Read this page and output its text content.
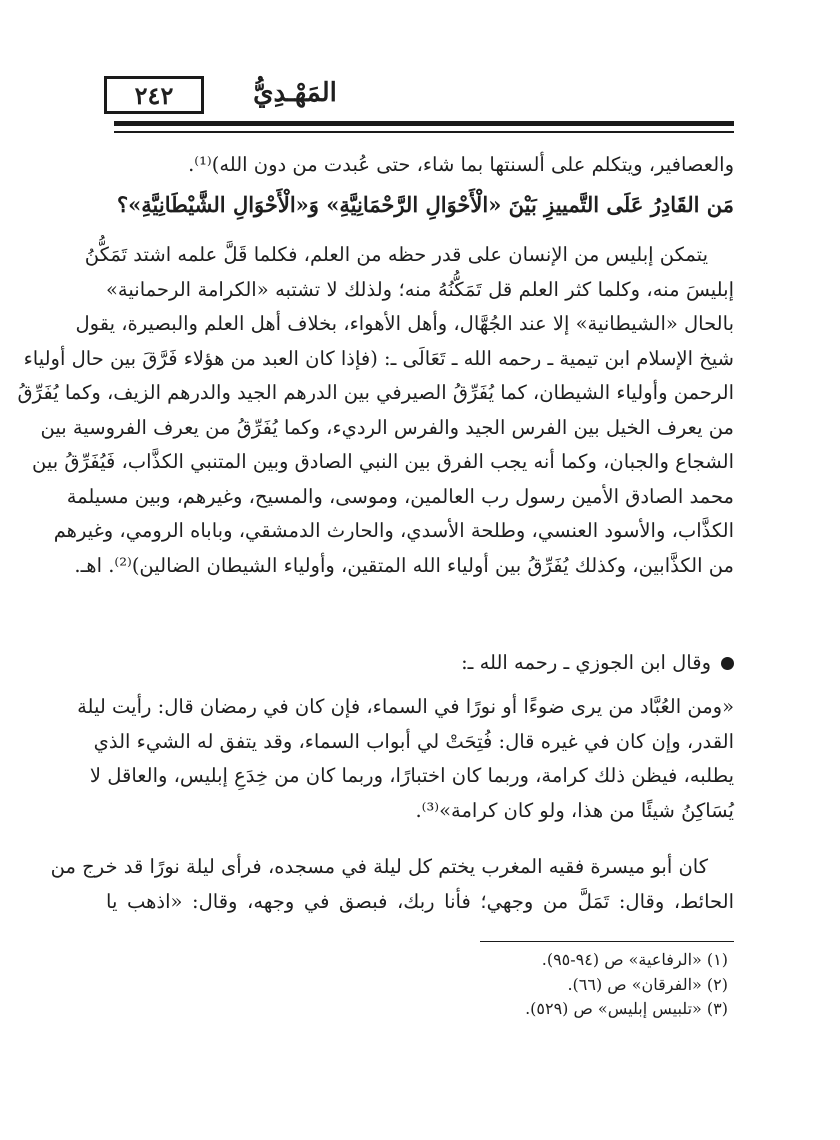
٢٤٢	المَهْـدِيُّ
والعصافير، ويتكلم على ألسنتها بما شاء، حتى عُبدت من دون الله)⁽¹⁾.
مَن القَادِرُ عَلَى التَّمييزِ بَيْنَ «الْأَحْوَالِ الرَّحْمَانِيَّةِ» وَ«الْأَحْوَالِ الشَّيْطَانِيَّةِ»؟
يتمكن إبليس من الإنسان على قدر حظه من العلم، فكلما قَلَّ علمه اشتد تَمَكُّنُ
إبليسَ منه، وكلما كثر العلم قل تَمَكُّنُهُ منه؛ ولذلك لا تشتبه «الكرامة الرحمانية»
بالحال «الشيطانية» إلا عند الجُهَّال، وأهل الأهواء، بخلاف أهل العلم والبصيرة، يقول
شيخ الإسلام ابن تيمية ـ رحمه الله ـ تَعَالَى ـ: (فإذا كان العبد من هؤلاء فَرَّقَ بين حال أولياء
الرحمن وأولياء الشيطان، كما يُفَرِّقُ الصيرفي بين الدرهم الجيد والدرهم الزيف، وكما يُفَرِّقُ
من يعرف الخيل بين الفرس الجيد والفرس الرديء، وكما يُفَرِّقُ من يعرف الفروسية بين
الشجاع والجبان، وكما أنه يجب الفرق بين النبي الصادق وبين المتنبي الكذَّاب، فَيُفَرِّقُ بين
محمد الصادق الأمين رسول رب العالمين، وموسى، والمسيح، وغيرهم، وبين مسيلمة
الكذَّاب، والأسود العنسي، وطلحة الأسدي، والحارث الدمشقي، وباباه الرومي، وغيرهم
من الكذَّابين، وكذلك يُفَرِّقُ بين أولياء الله المتقين، وأولياء الشيطان الضالين)⁽²⁾. اهـ.
وقال ابن الجوزي ـ رحمه الله ـ:
«ومن العُبَّاد من يرى ضوءًا أو نورًا في السماء، فإن كان في رمضان قال: رأيت ليلة
القدر، وإن كان في غيره قال: فُتِحَتْ لي أبواب السماء، وقد يتفق له الشيء الذي
يطلبه، فيظن ذلك كرامة، وربما كان اختبارًا، وربما كان من خِدَعِ إبليس، والعاقل لا
يُسَاكِنُ شيئًا من هذا، ولو كان كرامة»⁽³⁾.
كان أبو ميسرة فقيه المغرب يختم كل ليلة في مسجده، فرأى ليلة نورًا قد خرج من
الحائط، وقال: تَمَلَّ من وجهي؛ فأنا ربك، فبصق في وجهه، وقال: «اذهب يا
(١) «الرفاعية» ص (٩٤-٩٥).
(٢) «الفرقان» ص (٦٦).
(٣) «تلبيس إبليس» ص (٥٢٩).
